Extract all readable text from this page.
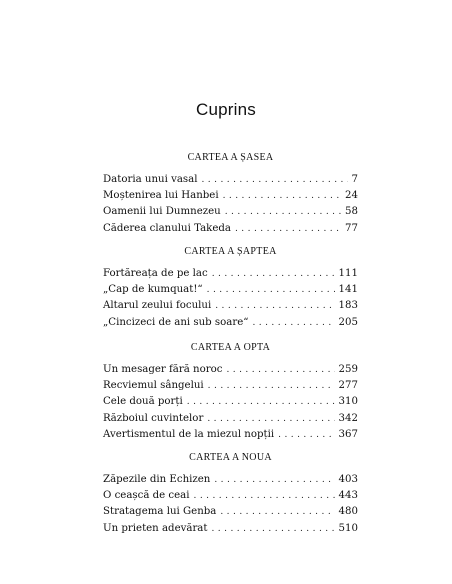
Cuprins
CARTEA A ȘASEA
Datoria unui vasal . . .	7
Moștenirea lui Hanbei . . .	24
Oamenii lui Dumnezeu . . .	58
Căderea clanului Takeda . . .	77
CARTEA A ȘAPTEA
Fortăreața de pe lac . . .	111
„Cap de kumquat!“ . . .	141
Altarul zeului focului . . .	183
„Cincizeci de ani sub soare“ . . .	205
CARTEA A OPTA
Un mesager fără noroc . . .	259
Recviemul sângelui . . .	277
Cele două porți . . .	310
Războiul cuvintelor . . .	342
Avertismentul de la miezul nopții . . .	367
CARTEA A NOUA
Zăpezile din Echizen . . .	403
O ceașcă de ceai . . .	443
Stratagema lui Genba . . .	480
Un prieten adevărat . . .	510
